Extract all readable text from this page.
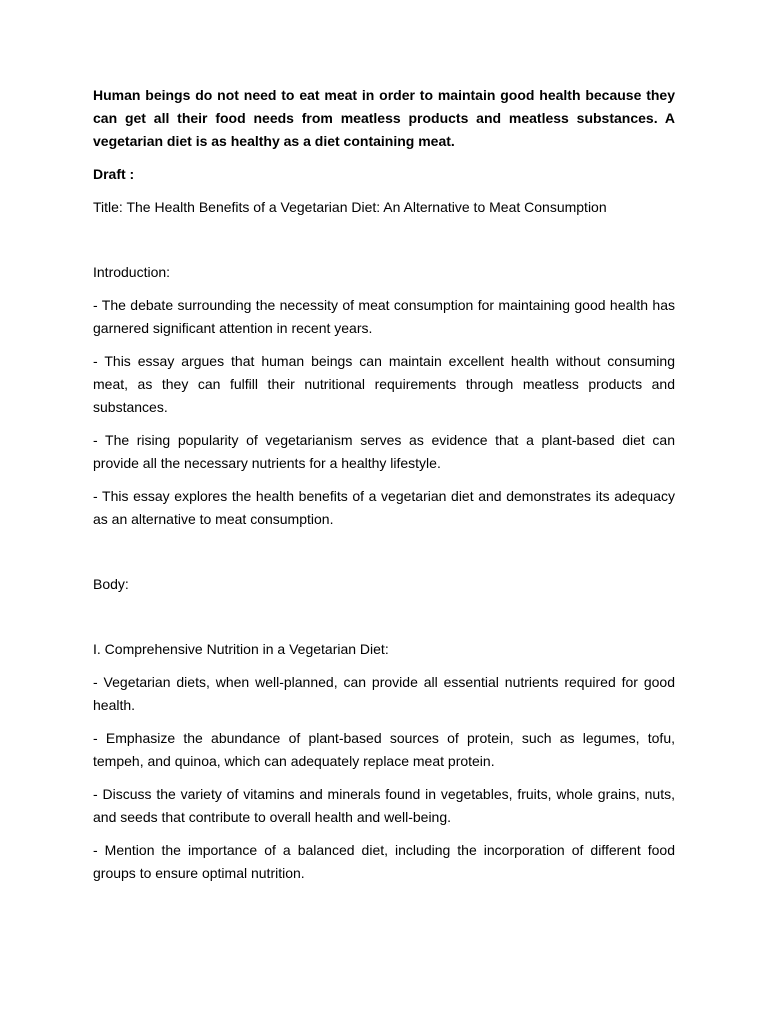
Human beings do not need to eat meat in order to maintain good health because they can get all their food needs from meatless products and meatless substances. A vegetarian diet is as healthy as a diet containing meat.

Draft :

Title: The Health Benefits of a Vegetarian Diet: An Alternative to Meat Consumption

Introduction:

- The debate surrounding the necessity of meat consumption for maintaining good health has garnered significant attention in recent years.

- This essay argues that human beings can maintain excellent health without consuming meat, as they can fulfill their nutritional requirements through meatless products and substances.

- The rising popularity of vegetarianism serves as evidence that a plant-based diet can provide all the necessary nutrients for a healthy lifestyle.

- This essay explores the health benefits of a vegetarian diet and demonstrates its adequacy as an alternative to meat consumption.

Body:

I. Comprehensive Nutrition in a Vegetarian Diet:

- Vegetarian diets, when well-planned, can provide all essential nutrients required for good health.

- Emphasize the abundance of plant-based sources of protein, such as legumes, tofu, tempeh, and quinoa, which can adequately replace meat protein.

- Discuss the variety of vitamins and minerals found in vegetables, fruits, whole grains, nuts, and seeds that contribute to overall health and well-being.

- Mention the importance of a balanced diet, including the incorporation of different food groups to ensure optimal nutrition.
